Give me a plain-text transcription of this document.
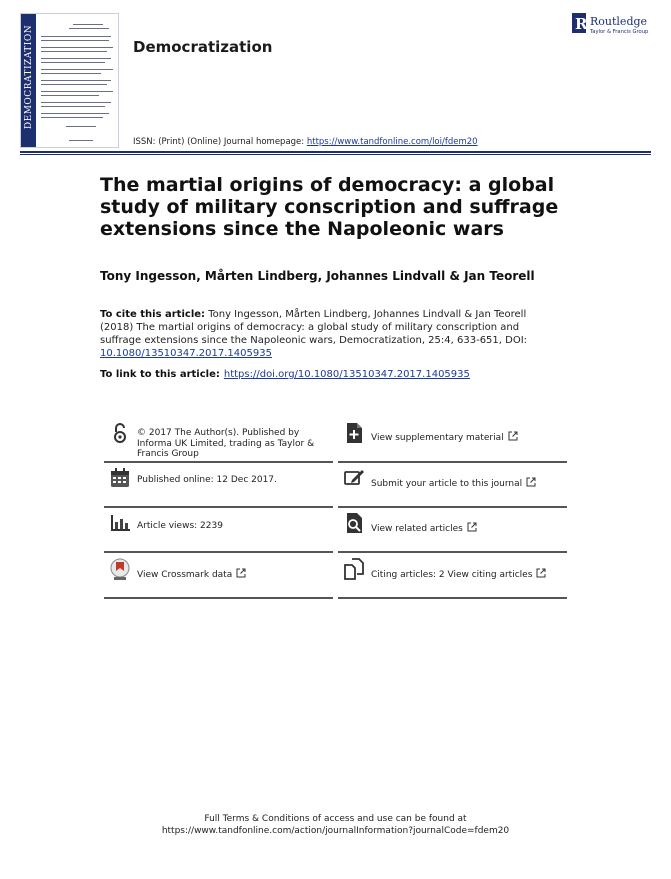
DEMOCRATIZATION	Democratization
R Routledge
Taylor & Francis Group
ISSN: (Print) (Online) Journal homepage: https://www.tandfonline.com/loi/fdem20
The martial origins of democracy: a global study of military conscription and suffrage extensions since the Napoleonic wars
Tony Ingesson, Mårten Lindberg, Johannes Lindvall & Jan Teorell
To cite this article: Tony Ingesson, Mårten Lindberg, Johannes Lindvall & Jan Teorell (2018) The martial origins of democracy: a global study of military conscription and suffrage extensions since the Napoleonic wars, Democratization, 25:4, 633-651, DOI: 10.1080/13510347.2017.1405935
To link to this article: https://doi.org/10.1080/13510347.2017.1405935
© 2017 The Author(s). Published by Informa UK Limited, trading as Taylor & Francis Group
Published online: 12 Dec 2017.
Article views: 2239
View Crossmark data
View supplementary material
Submit your article to this journal
View related articles
Citing articles: 2 View citing articles
Full Terms & Conditions of access and use can be found at
https://www.tandfonline.com/action/journalInformation?journalCode=fdem20
